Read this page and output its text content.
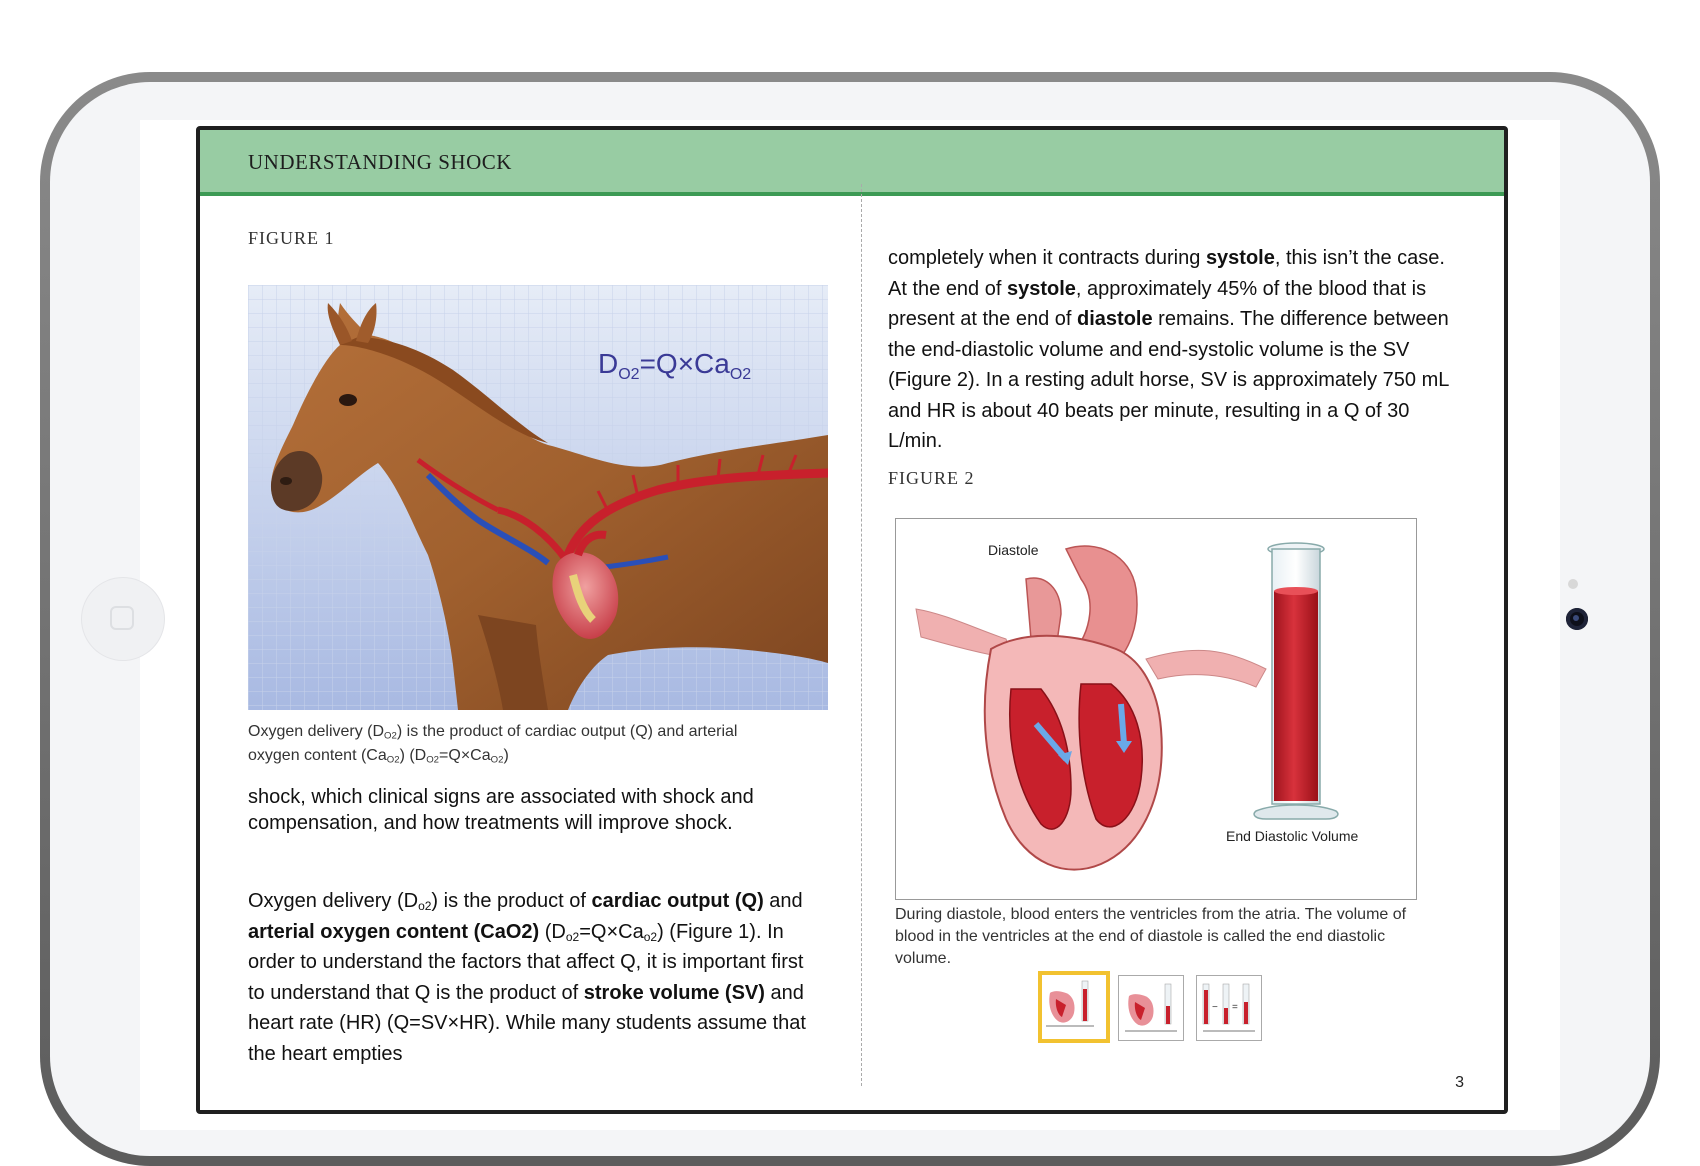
UNDERSTANDING SHOCK
FIGURE 1
$D_{O2}=Q\times Ca_{O2}$
Oxygen delivery $(D_{O2})$ is the product of cardiac output (Q) and arterial
oxygen content $(Ca_{O2})$ $(D_{O2}=Q\times Ca_{O2})$
shock, which clinical signs are associated with shock and compensation, and how treatments will improve shock.
Oxygen delivery $(D_{o2})$ is the product of cardiac output (Q) and arterial oxygen content (CaO2) $(D_{o2}=Q\times Ca_{o2})$ (Figure 1). In order to understand the factors that affect Q, it is important first to understand that Q is the product of stroke volume (SV) and heart rate (HR) (Q=SV×HR). While many students assume that the heart empties
completely when it contracts during systole, this isn’t the case. At the end of systole, approximately 45% of the blood that is present at the end of diastole remains. The difference between the end-diastolic volume and end-systolic volume is the SV (Figure 2). In a resting adult horse, SV is approximately 750 mL and HR is about 40 beats per minute, resulting in a Q of 30 L/min.
FIGURE 2
Diastole
End Diastolic Volume
During diastole, blood enters the ventricles from the atria. The volume of blood in the ventricles at the end of diastole is called the end diastolic volume.
− =
3
